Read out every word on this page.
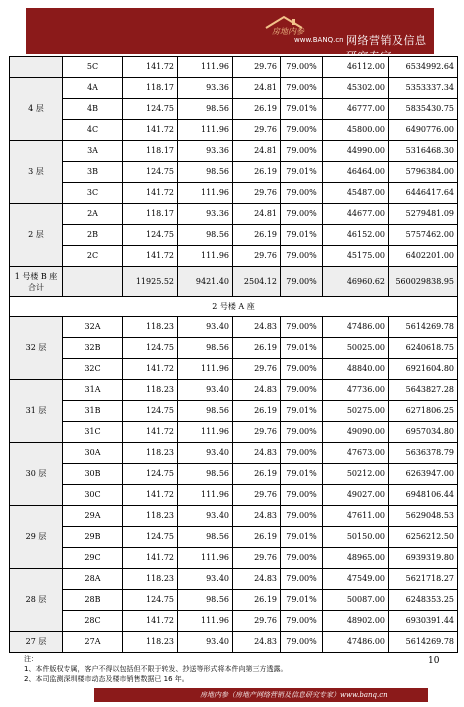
房地内参
www.BANQ.cn 网络营销及信息研究专家
	5C	141.72	111.96	29.76	79.00%	46112.00	6534992.64
4 层	4A	118.17	93.36	24.81	79.00%	45302.00	5353337.34
	4B	124.75	98.56	26.19	79.01%	46777.00	5835430.75
	4C	141.72	111.96	29.76	79.00%	45800.00	6490776.00
3 层	3A	118.17	93.36	24.81	79.00%	44990.00	5316468.30
	3B	124.75	98.56	26.19	79.01%	46464.00	5796384.00
	3C	141.72	111.96	29.76	79.00%	45487.00	6446417.64
2 层	2A	118.17	93.36	24.81	79.00%	44677.00	5279481.09
	2B	124.75	98.56	26.19	79.01%	46152.00	5757462.00
	2C	141.72	111.96	29.76	79.00%	45175.00	6402201.00
1 号楼 B 座
合计		11925.52	9421.40	2504.12	79.00%	46960.62	560029838.95
2 号楼 A 座							
32 层	32A	118.23	93.40	24.83	79.00%	47486.00	5614269.78
	32B	124.75	98.56	26.19	79.01%	50025.00	6240618.75
	32C	141.72	111.96	29.76	79.00%	48840.00	6921604.80
31 层	31A	118.23	93.40	24.83	79.00%	47736.00	5643827.28
	31B	124.75	98.56	26.19	79.01%	50275.00	6271806.25
	31C	141.72	111.96	29.76	79.00%	49090.00	6957034.80
30 层	30A	118.23	93.40	24.83	79.00%	47673.00	5636378.79
	30B	124.75	98.56	26.19	79.01%	50212.00	6263947.00
	30C	141.72	111.96	29.76	79.00%	49027.00	6948106.44
29 层	29A	118.23	93.40	24.83	79.00%	47611.00	5629048.53
	29B	124.75	98.56	26.19	79.01%	50150.00	6256212.50
	29C	141.72	111.96	29.76	79.00%	48965.00	6939319.80
28 层	28A	118.23	93.40	24.83	79.00%	47549.00	5621718.27
	28B	124.75	98.56	26.19	79.01%	50087.00	6248353.25
	28C	141.72	111.96	29.76	79.00%	48902.00	6930391.44
27 层	27A	118.23	93.40	24.83	79.00%	47486.00	5614269.78
注：
1、本件版权专属，客户不得以包括但不限于转发、抄送等形式将本件向第三方透露。
2、本司监测深圳楼市动态及楼市销售数据已 16 年。
10
房地内参（房地产网络营销及信息研究专家）www.banq.cn
